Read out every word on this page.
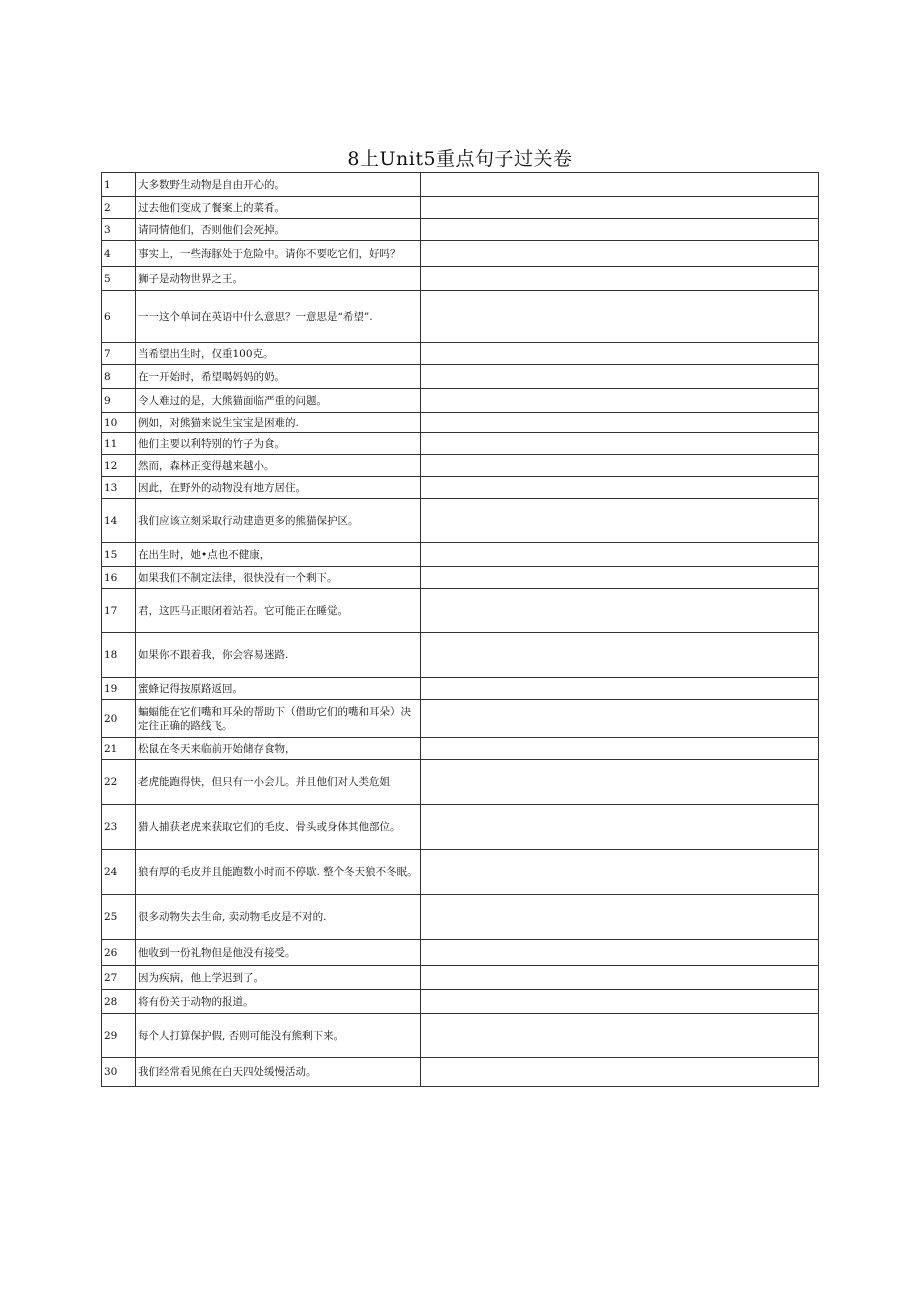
8上Unit5重点句子过关卷
1	大多数野生动物是自由开心的。	
2	过去他们变成了餐案上的菜肴。	
3	请同情他们，否则他们会死掉。	
4	事实上，一些海豚处于危险中。请你不要吃它们，好吗？	
5	狮子是动物世界之王。	
6	一一这个单词在英语中什么意思？一意思是“希望”.	
7	当希望出生时，仅重100克。	
8	在一开始时，希望喝妈妈的奶。	
9	令人难过的是，大熊猫面临严重的问题。	
10	例如，对熊猫来说生宝宝是困难的.	
11	他们主要以利特别的竹子为食。	
12	然而，森林正变得越来越小。	
13	因此，在野外的动物没有地方居住。	
14	我们应该立刻采取行动建造更多的熊猫保护区。	
15	在出生时，她•点也不健康，	
16	如果我们不制定法律，很快没有一个剩下。	
17	君，这匹马正眼闭着站若。它可能正在睡觉。	
18	如果你不跟着我，你会容易迷路.	
19	蜜蜂记得按原路返回。	
20	蝙蝠能在它们嘴和耳朵的帮助下（借助它们的嘴和耳朵）决定往正确的路线飞。	
21	松鼠在冬天来临前开始储存食物，	
22	老虎能跑得快，但只有一小会儿。并且他们对人类危姐	
23	猎人捕获老虎来获取它们的毛皮、骨头或身体其他部位。	
24	狼有厚的毛皮并且能跑数小时而不停歇. 整个冬天狼不冬眠。	
25	很多动物失去生命, 卖动物毛皮是不对的.	
26	他收到一份礼物但是他没有接受。	
27	因为疾病，他上学迟到了。	
28	将有份关于动物的报道。	
29	每个人打算保护假, 否则可能没有熊剩下来。	
30	我们经常看见熊在白天四处缓慢活动。	
